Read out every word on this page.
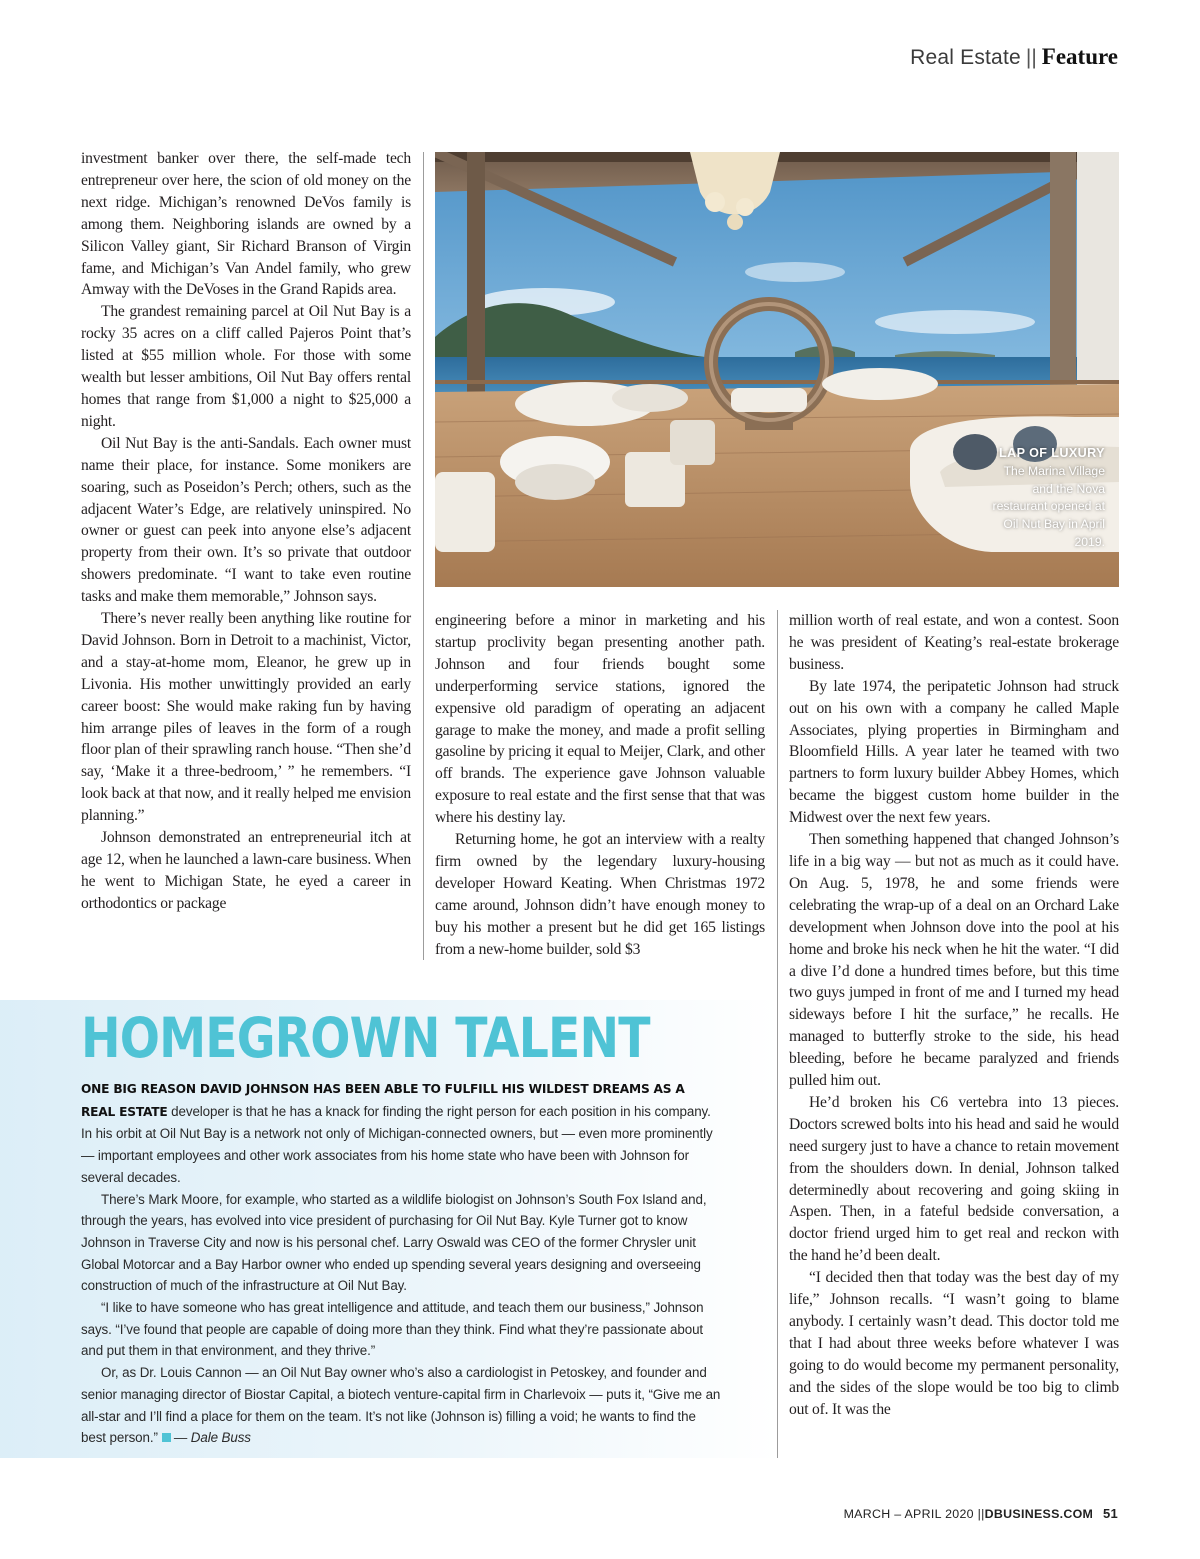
Real Estate || Feature

investment banker over there, the self-made tech entrepreneur over here, the scion of old money on the next ridge. Michigan’s renowned DeVos family is among them. Neighboring islands are owned by a Silicon Valley giant, Sir Richard Branson of Virgin fame, and Michigan’s Van Andel family, who grew Amway with the DeVoses in the Grand Rapids area.

The grandest remaining parcel at Oil Nut Bay is a rocky 35 acres on a cliff called Pajeros Point that’s listed at $55 million whole. For those with some wealth but lesser ambitions, Oil Nut Bay offers rental homes that range from $1,000 a night to $25,000 a night.

Oil Nut Bay is the anti-Sandals. Each owner must name their place, for instance. Some monikers are soaring, such as Poseidon’s Perch; others, such as the adjacent Water’s Edge, are relatively uninspired. No owner or guest can peek into anyone else’s adjacent property from their own. It’s so private that outdoor showers predominate. “I want to take even routine tasks and make them memorable,” Johnson says.

There’s never really been anything like routine for David Johnson. Born in Detroit to a machinist, Victor, and a stay-at-home mom, Eleanor, he grew up in Livonia. His mother unwittingly provided an early career boost: She would make raking fun by having him arrange piles of leaves in the form of a rough floor plan of their sprawling ranch house. “Then she’d say, ‘Make it a three-bedroom,’ ” he remembers. “I look back at that now, and it really helped me envision planning.”

Johnson demonstrated an entrepreneurial itch at age 12, when he launched a lawn-care business. When he went to Michigan State, he eyed a career in orthodontics or package

LAP OF LUXURY
The Marina Village and the Nova restaurant opened at Oil Nut Bay in April 2019.

engineering before a minor in marketing and his startup proclivity began presenting another path. Johnson and four friends bought some underperforming service stations, ignored the expensive old paradigm of operating an adjacent garage to make the money, and made a profit selling gasoline by pricing it equal to Meijer, Clark, and other off brands. The experience gave Johnson valuable exposure to real estate and the first sense that that was where his destiny lay.

Returning home, he got an interview with a realty firm owned by the legendary luxury-housing developer Howard Keating. When Christmas 1972 came around, Johnson didn’t have enough money to buy his mother a present but he did get 165 listings from a new-home builder, sold $3

million worth of real estate, and won a contest. Soon he was president of Keating’s real-estate brokerage business.

By late 1974, the peripatetic Johnson had struck out on his own with a company he called Maple Associates, plying properties in Birmingham and Bloomfield Hills. A year later he teamed with two partners to form luxury builder Abbey Homes, which became the biggest custom home builder in the Midwest over the next few years.

Then something happened that changed Johnson’s life in a big way — but not as much as it could have. On Aug. 5, 1978, he and some friends were celebrating the wrap-up of a deal on an Orchard Lake development when Johnson dove into the pool at his home and broke his neck when he hit the water. “I did a dive I’d done a hundred times before, but this time two guys jumped in front of me and I turned my head sideways before I hit the surface,” he recalls. He managed to butterfly stroke to the side, his head bleeding, before he became paralyzed and friends pulled him out.

He’d broken his C6 vertebra into 13 pieces. Doctors screwed bolts into his head and said he would need surgery just to have a chance to retain movement from the shoulders down. In denial, Johnson talked determinedly about recovering and going skiing in Aspen. Then, in a fateful bedside conversation, a doctor friend urged him to get real and reckon with the hand he’d been dealt.

“I decided then that today was the best day of my life,” Johnson recalls. “I wasn’t going to blame anybody. I certainly wasn’t dead. This doctor told me that I had about three weeks before whatever I was going to do would become my permanent personality, and the sides of the slope would be too big to climb out of. It was the

HOMEGROWN TALENT

ONE BIG REASON DAVID JOHNSON HAS BEEN ABLE TO FULFILL HIS WILDEST DREAMS AS A REAL ESTATE developer is that he has a knack for finding the right person for each position in his company. In his orbit at Oil Nut Bay is a network not only of Michigan-connected owners, but — even more prominently — important employees and other work associates from his home state who have been with Johnson for several decades.

There’s Mark Moore, for example, who started as a wildlife biologist on Johnson’s South Fox Island and, through the years, has evolved into vice president of purchasing for Oil Nut Bay. Kyle Turner got to know Johnson in Traverse City and now is his personal chef. Larry Oswald was CEO of the former Chrysler unit Global Motorcar and a Bay Harbor owner who ended up spending several years designing and overseeing construction of much of the infrastructure at Oil Nut Bay.

“I like to have someone who has great intelligence and attitude, and teach them our business,” Johnson says. “I’ve found that people are capable of doing more than they think. Find what they’re passionate about and put them in that environment, and they thrive.”

Or, as Dr. Louis Cannon — an Oil Nut Bay owner who’s also a cardiologist in Petoskey, and founder and senior managing director of Biostar Capital, a biotech venture-capital firm in Charlevoix — puts it, “Give me an all-star and I’ll find a place for them on the team. It’s not like (Johnson is) filling a void; he wants to find the best person.” — Dale Buss

MARCH – APRIL 2020 ||DBUSINESS.COM 51
